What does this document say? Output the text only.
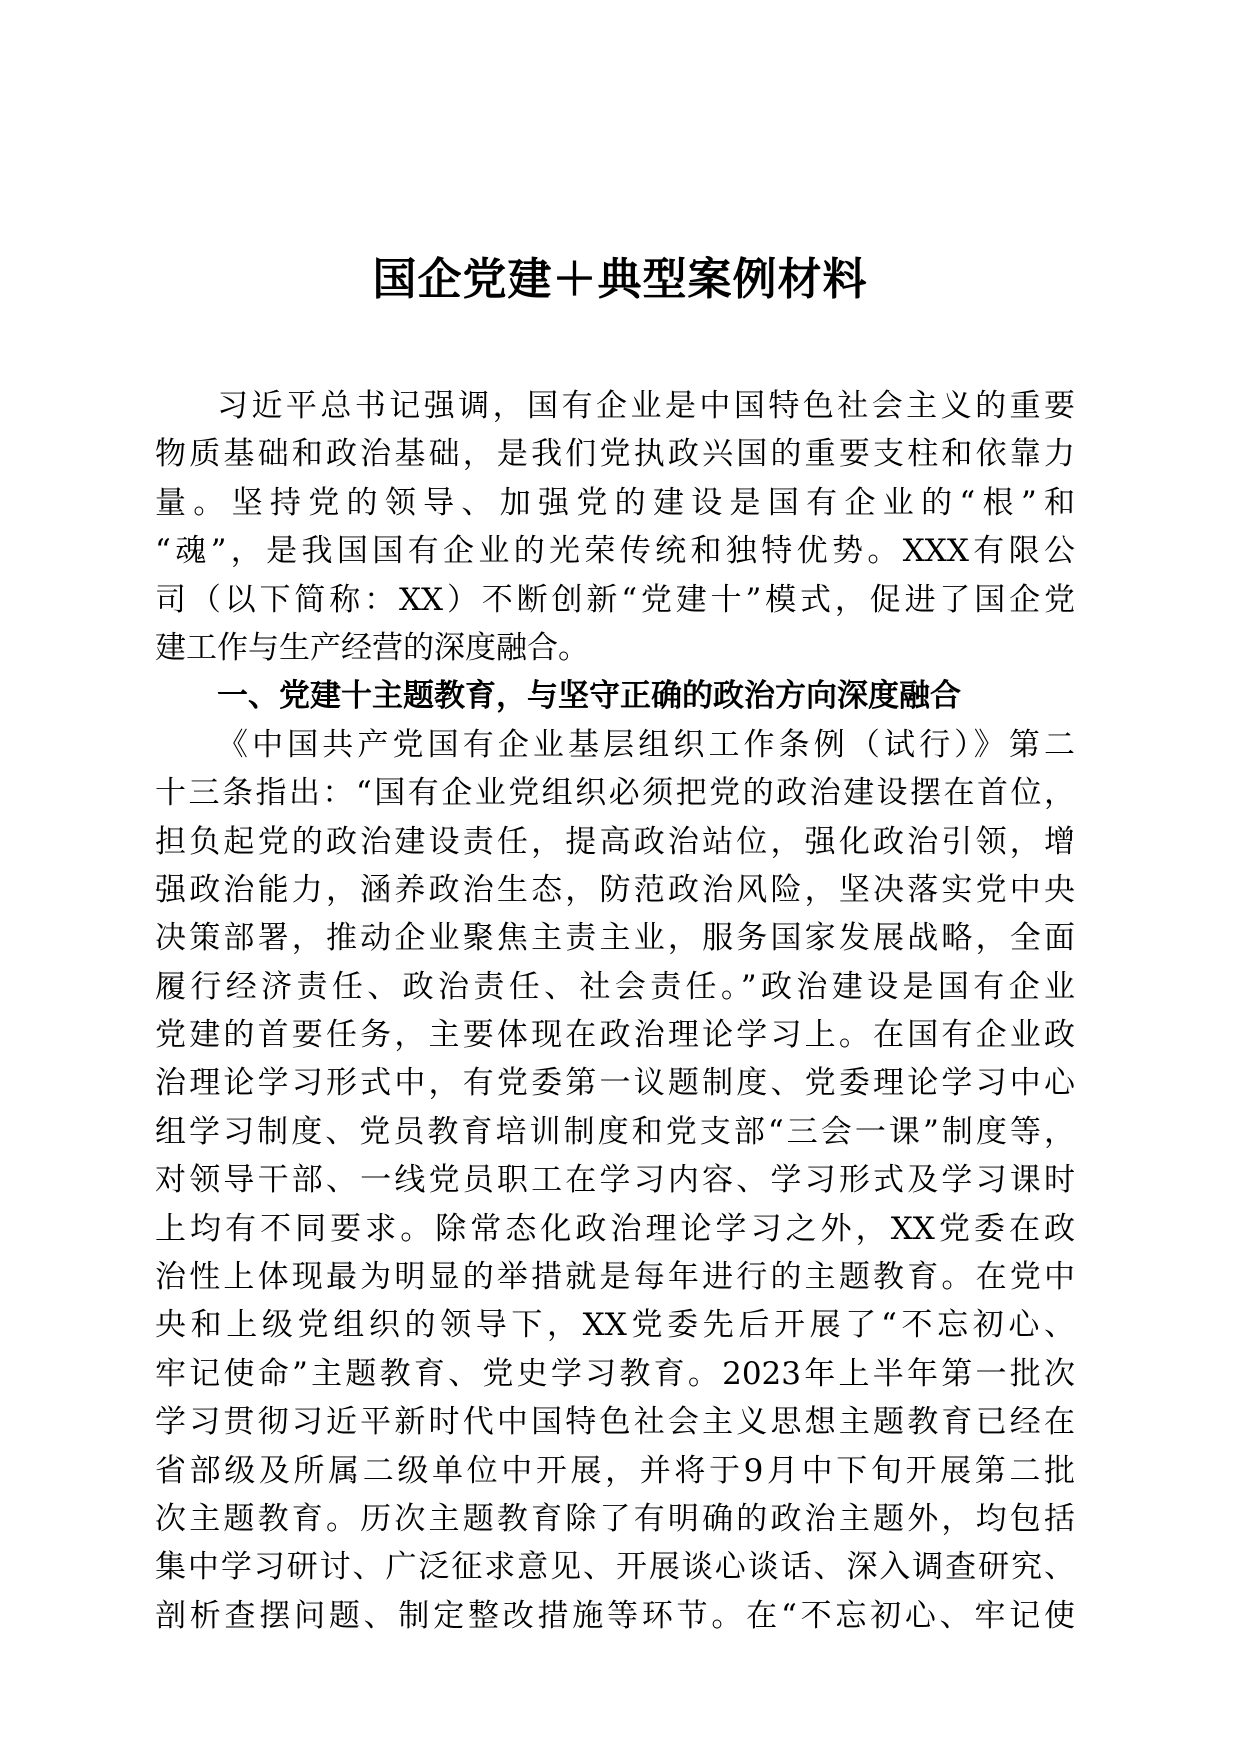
国企党建＋典型案例材料
习近平总书记强调，国有企业是中国特色社会主义的重要
物质基础和政治基础，是我们党执政兴国的重要支柱和依靠力
量。坚持党的领导、加强党的建设是国有企业的“根”和
“魂”，是我国国有企业的光荣传统和独特优势。XXX有限公
司（以下简称：XX）不断创新“党建十”模式，促进了国企党
建工作与生产经营的深度融合。
一、党建十主题教育，与坚守正确的政治方向深度融合
《中国共产党国有企业基层组织工作条例（试行）》第二
十三条指出：“国有企业党组织必须把党的政治建设摆在首位，
担负起党的政治建设责任，提高政治站位，强化政治引领，增
强政治能力，涵养政治生态，防范政治风险，坚决落实党中央
决策部署，推动企业聚焦主责主业，服务国家发展战略，全面
履行经济责任、政治责任、社会责任。”政治建设是国有企业
党建的首要任务，主要体现在政治理论学习上。在国有企业政
治理论学习形式中，有党委第一议题制度、党委理论学习中心
组学习制度、党员教育培训制度和党支部“三会一课”制度等，
对领导干部、一线党员职工在学习内容、学习形式及学习课时
上均有不同要求。除常态化政治理论学习之外，XX党委在政
治性上体现最为明显的举措就是每年进行的主题教育。在党中
央和上级党组织的领导下，XX党委先后开展了“不忘初心、
牢记使命”主题教育、党史学习教育。2023年上半年第一批次
学习贯彻习近平新时代中国特色社会主义思想主题教育已经在
省部级及所属二级单位中开展，并将于9月中下旬开展第二批
次主题教育。历次主题教育除了有明确的政治主题外，均包括
集中学习研讨、广泛征求意见、开展谈心谈话、深入调查研究、
剖析查摆问题、制定整改措施等环节。在“不忘初心、牢记使
